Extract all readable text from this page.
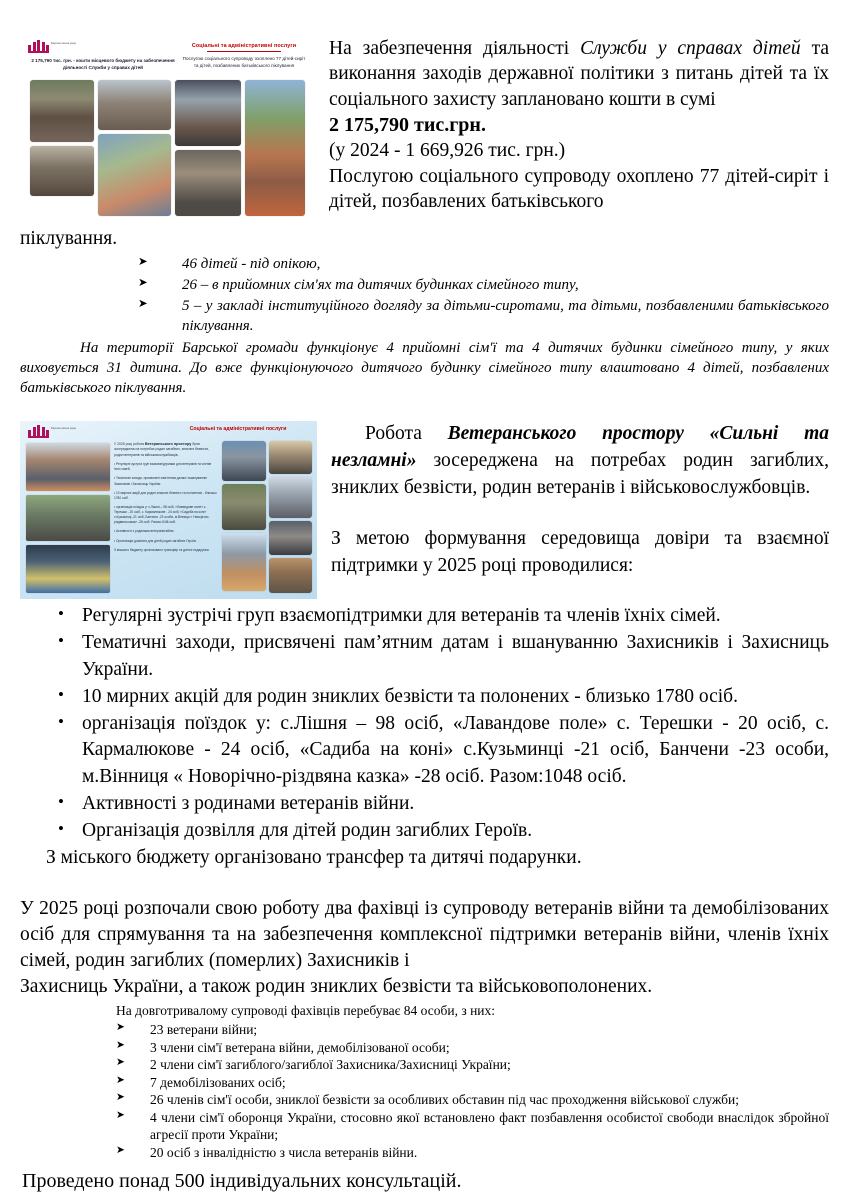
Барська міська рада
2 175,790 тис. грн. - кошти місцевого бюджету на забезпечення діяльності Служби у справах дітей
Соціальні та адміністративні послуги
Послугою соціального супроводу охоплено 77 дітей-сиріт та дітей, позбавлених батьківського піклування
На забезпечення діяльності Служби у справах дітей та виконання заходів державної політики з питань дітей та їх соціального захисту заплановано кошти в сумі
2 175,790 тис.грн.
(у 2024 - 1 669,926 тис. грн.)
Послугою соціального супроводу охоплено 77 дітей-сиріт і дітей, позбавлених батьківського
піклування.
➤ 46 дітей - під опікою,
➤ 26 – в прийомних сім'ях та дитячих будинках сімейного типу,
➤ 5 – у закладі інституційного догляду за дітьми-сиротами, та дітьми, позбавленими батьківського піклування.

На території Барської громади функціонує 4 прийомні сім'ї та 4 дитячих будинки сімейного типу, у яких виховується 31 дитина. До вже функціонуючого дитячого будинку сімейного типу влаштовано 4 дітей, позбавлених батьківського піклування.

Барська міська рада	Соціальні та адміністративні послуги

У 2025 році робота Ветеранського простору була зосереджена на потребах родин загиблих, зниклих безвісти, родин ветеранів та військовослужбовців.

• Регулярні зустрічі груп взаємопідтримки для ветеранів та членів їхніх сімей.

• Тематичні заходи, присвячені пам'ятним датам і вшануванню Захисників і Захисниць України.

• 10 мирних акцій для родин зниклих безвісти та полонених - близько 1780 осіб.

• організація поїздок у: с.Лішня – 98 осіб, «Лавандове поле» с. Терешки - 20 осіб, с. Кармалюкове - 24 осіб, «Садиба на коні» с.Кузьминці -21 осіб, Банчени -23 особи, м.Вінниця « Новорічно-різдвяна казка» -28 осіб. Разом:1048 осіб.

• Активності з родинами ветеранів війни.

• Організація дозвілля для дітей родин загиблих Героїв.

З міського бюджету організовано трансфер та дитячі подарунки.

Робота Ветеранського простору «Сильні та незламні» зосереджена на потребах родин загиблих, зниклих безвісти, родин ветеранів і військовослужбовців.

З метою формування середовища довіри та взаємної підтримки у 2025 році проводилися:

• Регулярні зустрічі груп взаємопідтримки для ветеранів та членів їхніх сімей.
• Тематичні заходи, присвячені пам’ятним датам і вшануванню Захисників і Захисниць України.
• 10 мирних акцій для родин зниклих безвісти та полонених - близько 1780 осіб.
• організація поїздок у: с.Лішня – 98 осіб, «Лавандове поле» с. Терешки - 20 осіб, с. Кармалюкове - 24 осіб, «Садиба на коні» с.Кузьминці -21 осіб, Банчени -23 особи, м.Вінниця « Новорічно-різдвяна казка» -28 осіб. Разом:1048 осіб.
• Активності з родинами ветеранів війни.
• Організація дозвілля для дітей родин загиблих Героїв.

З міського бюджету організовано трансфер та дитячі подарунки.

У 2025 році розпочали свою роботу два фахівці із супроводу ветеранів війни та демобілізованих осіб для спрямування та на забезпечення комплексної підтримки ветеранів війни, членів їхніх сімей, родин загиблих (померлих) Захисників і
Захисниць України, а також родин зниклих безвісти та військовополонених.

На довготривалому супроводі фахівців перебуває 84 особи, з них:

➤ 23 ветерани війни;
➤ 3 члени сім'ї ветерана війни, демобілізованої особи;
➤ 2 члени сім'ї загиблого/загиблої Захисника/Захисниці України;
➤ 7 демобілізованих осіб;
➤ 26 членів сім'ї особи, зниклої безвісти за особливих обставин під час проходження військової служби;
➤ 4 члени сім'ї оборонця України, стосовно якої встановлено факт позбавлення особистої свободи внаслідок збройної агресії проти України;
➤ 20 осіб з інвалідністю з числа ветеранів війни.

Проведено понад 500 індивідуальних консультацій.
